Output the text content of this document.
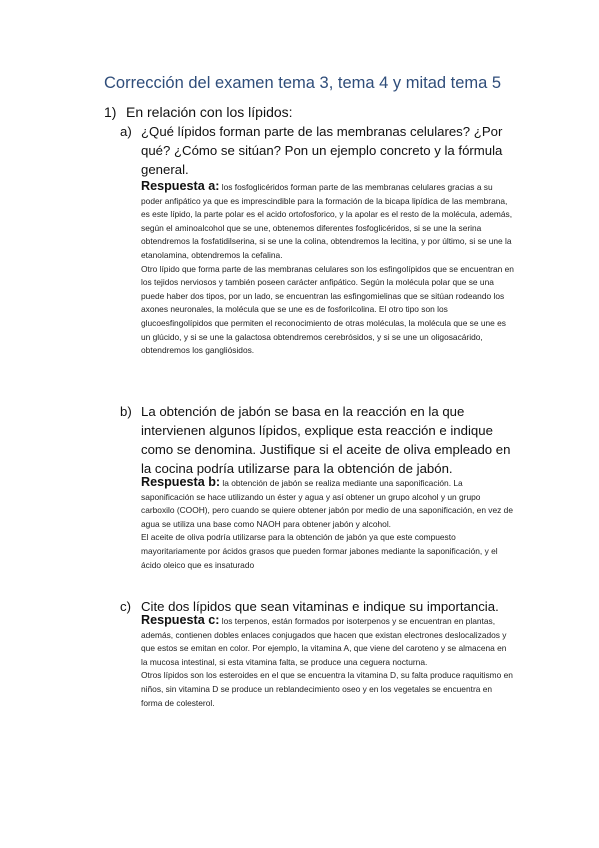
Corrección del examen tema 3, tema 4 y mitad tema 5
1) En relación con los lípidos:
a) ¿Qué lípidos forman parte de las membranas celulares? ¿Por qué? ¿Cómo se sitúan? Pon un ejemplo concreto y la fórmula general.

Respuesta a: los fosfoglicéridos forman parte de las membranas celulares gracias a su poder anfipático ya que es imprescindible para la formación de la bicapa lipídica de las membrana, es este lípido, la parte polar es el acido ortofosforico, y la apolar es el resto de la molécula, además, según el aminoalcohol que se une, obtenemos diferentes fosfoglicéridos, si se une la serina obtendremos la fosfatidilserina, si se une la colina, obtendremos la lecitina, y por último, si se une la etanolamina, obtendremos la cefalina.

Otro lípido que forma parte de las membranas celulares son los esfingolípidos que se encuentran en los tejidos nerviosos y también poseen carácter anfipático. Según la molécula polar que se una puede haber dos tipos, por un lado, se encuentran las esfingomielinas que se sitúan rodeando los axones neuronales, la molécula que se une es de fosforilcolina. El otro tipo son los glucoesfingolípidos que permiten el reconocimiento de otras moléculas, la molécula que se une es un glúcido, y si se une la galactosa obtendremos cerebrósidos, y si se une un oligosacárido, obtendremos los gangliósidos.

b) La obtención de jabón se basa en la reacción en la que intervienen algunos lípidos, explique esta reacción e indique como se denomina. Justifique si el aceite de oliva empleado en la cocina podría utilizarse para la obtención de jabón.

Respuesta b: la obtención de jabón se realiza mediante una saponificación. La saponificación se hace utilizando un éster y agua y así obtener un grupo alcohol y un grupo carboxilo (COOH), pero cuando se quiere obtener jabón por medio de una saponificación, en vez de agua se utiliza una base como NAOH para obtener jabón y alcohol.

El aceite de oliva podría utilizarse para la obtención de jabón ya que este compuesto mayoritariamente por ácidos grasos que pueden formar jabones mediante la saponificación, y el ácido oleico que es insaturado

c) Cite dos lípidos que sean vitaminas e indique su importancia.

Respuesta c: los terpenos, están formados por isoterpenos y se encuentran en plantas, además, contienen dobles enlaces conjugados que hacen que existan electrones deslocalizados y que estos se emitan en color. Por ejemplo, la vitamina A, que viene del caroteno y se almacena en la mucosa intestinal, si esta vitamina falta, se produce una ceguera nocturna.

Otros lípidos son los esteroides en el que se encuentra la vitamina D, su falta produce raquitismo en niños, sin vitamina D se produce un reblandecimiento oseo y en los vegetales se encuentra en forma de colesterol.
